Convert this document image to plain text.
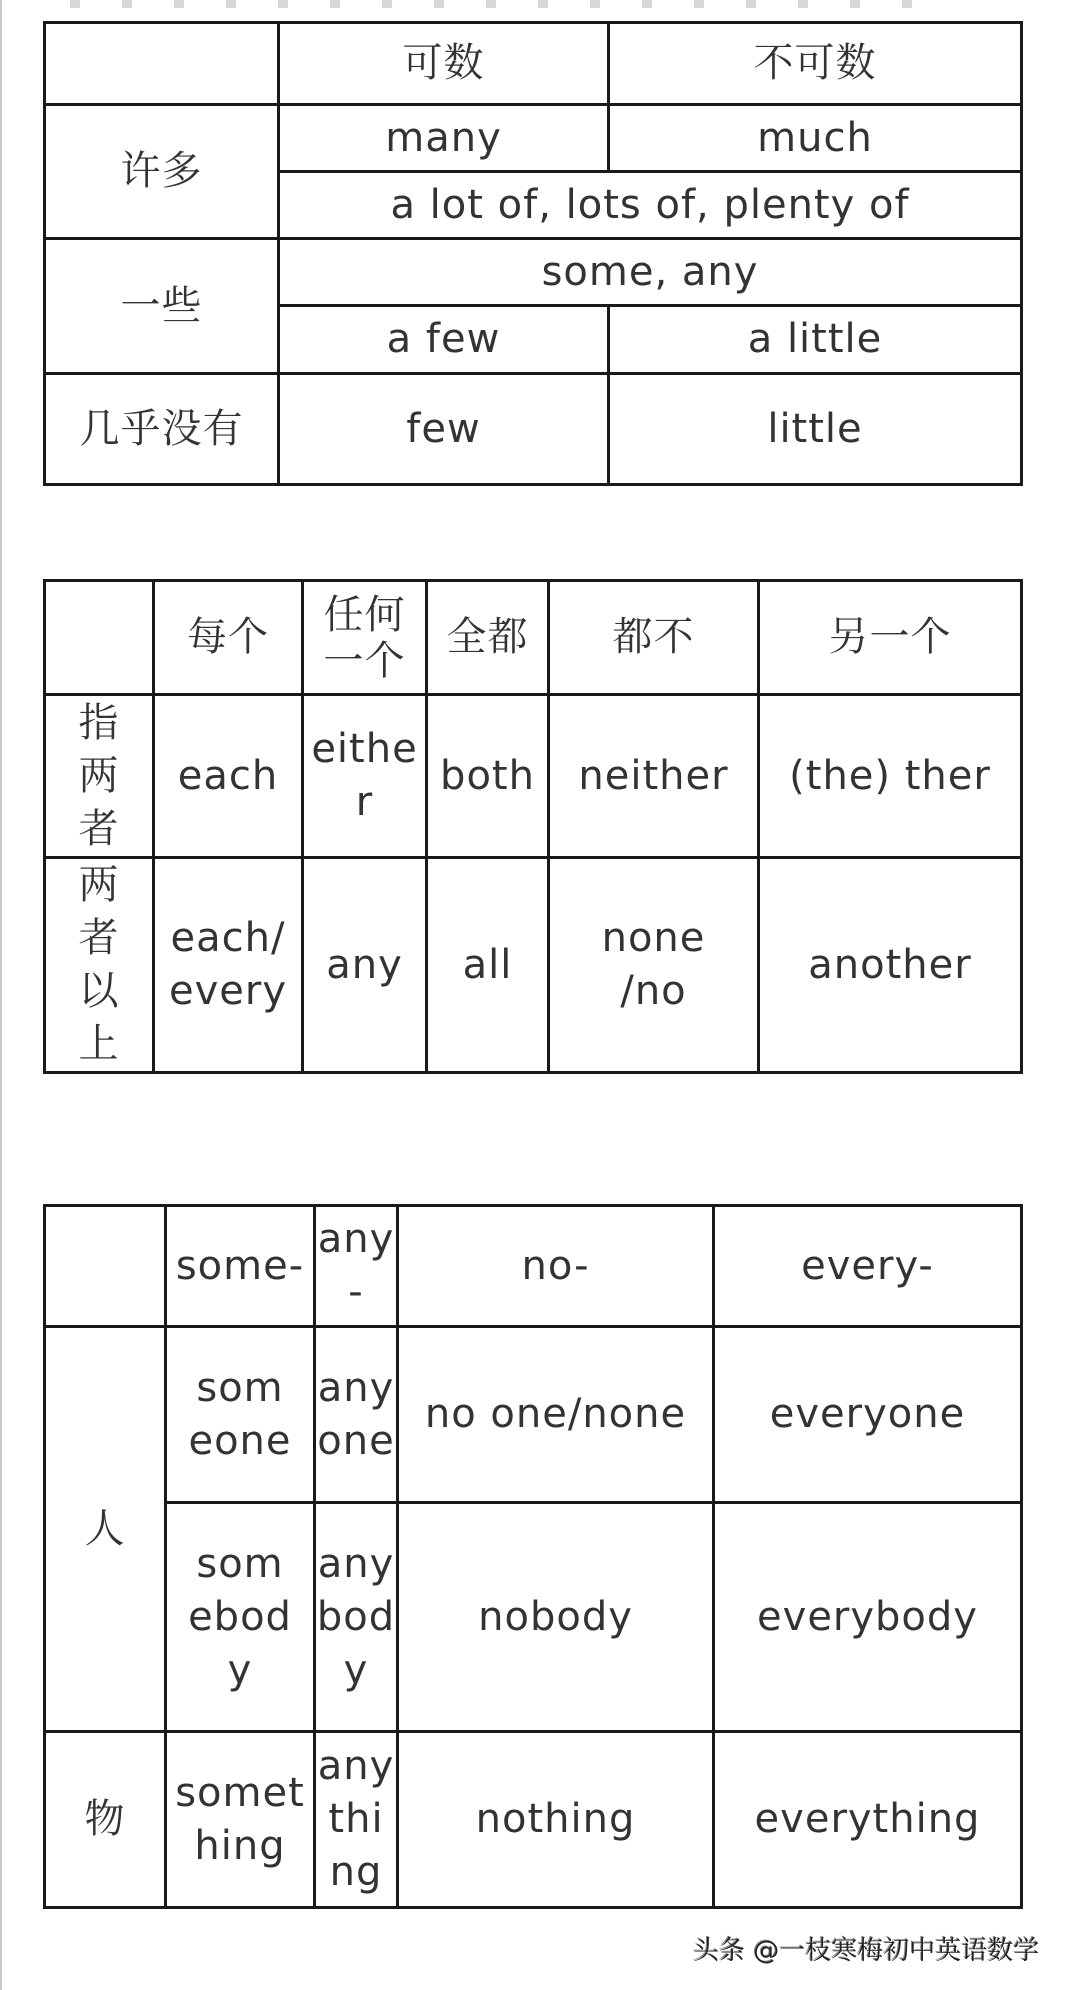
	可数	不可数
许多	many	much
	a lot of, lots of, plenty of	
一些	some, any	
	a few	a little
几乎没有	few	little
	每个	任何一个	全都	都不	另一个
指两者	each	either	both	neither	(the) ther
两者以上	each/ every	any	all	none /no	another
	some-	any-	no-	every-
人	someone	anyone	no one/none	everyone
	somebody	anybody	nobody	everybody
物	something	anything	nothing	everything
头条 @一枝寒梅初中英语数学
